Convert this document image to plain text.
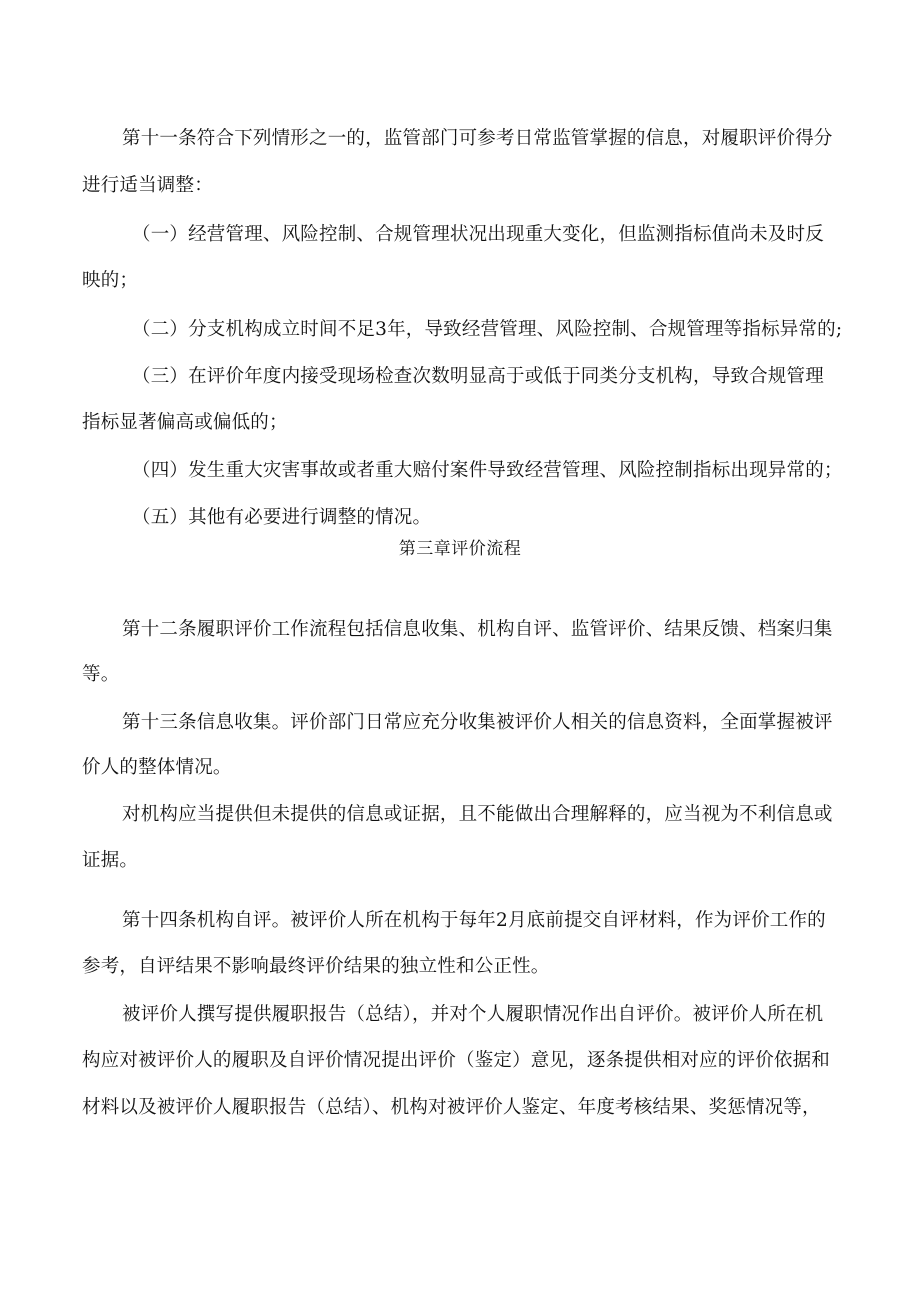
第十一条符合下列情形之一的，监管部门可参考日常监管掌握的信息，对履职评价得分
进行适当调整：
（一）经营管理、风险控制、合规管理状况出现重大变化，但监测指标值尚未及时反
映的；
（二）分支机构成立时间不足3年，导致经营管理、风险控制、合规管理等指标异常的;
（三）在评价年度内接受现场检查次数明显高于或低于同类分支机构，导致合规管理
指标显著偏高或偏低的；
（四）发生重大灾害事故或者重大赔付案件导致经营管理、风险控制指标出现异常的；
（五）其他有必要进行调整的情况。
第三章评价流程
第十二条履职评价工作流程包括信息收集、机构自评、监管评价、结果反馈、档案归集
等。
第十三条信息收集。评价部门日常应充分收集被评价人相关的信息资料，全面掌握被评
价人的整体情况。
对机构应当提供但未提供的信息或证据，且不能做出合理解释的，应当视为不利信息或
证据。
第十四条机构自评。被评价人所在机构于每年2月底前提交自评材料，作为评价工作的
参考，自评结果不影响最终评价结果的独立性和公正性。
被评价人撰写提供履职报告（总结），并对个人履职情况作出自评价。被评价人所在机
构应对被评价人的履职及自评价情况提出评价（鉴定）意见，逐条提供相对应的评价依据和
材料以及被评价人履职报告（总结）、机构对被评价人鉴定、年度考核结果、奖惩情况等，
